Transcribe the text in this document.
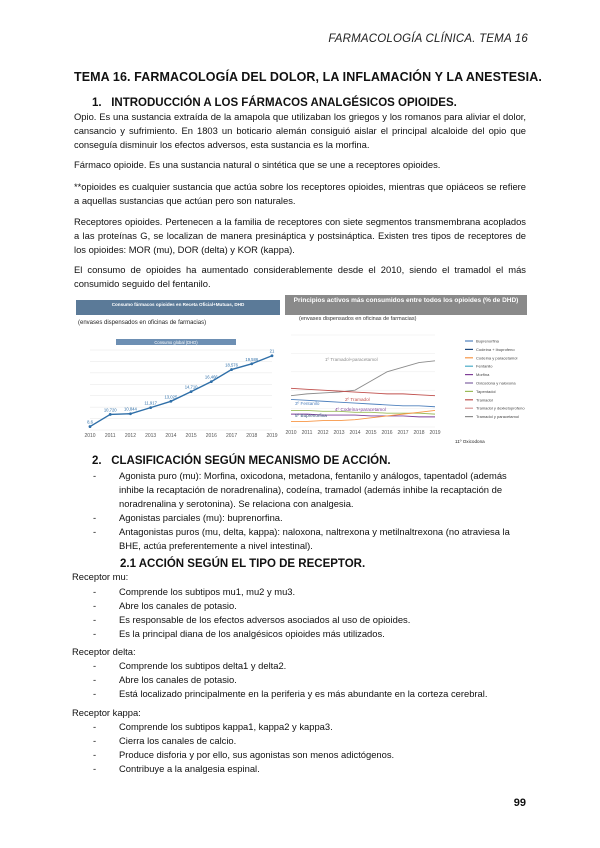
FARMACOLOGÍA CLÍNICA. TEMA 16
TEMA 16. FARMACOLOGÍA DEL DOLOR, LA INFLAMACIÓN Y LA ANESTESIA.
1. INTRODUCCIÓN A LOS FÁRMACOS ANALGÉSICOS OPIOIDES.
Opio. Es una sustancia extraída de la amapola que utilizaban los griegos y los romanos para aliviar el dolor, cansancio y sufrimiento. En 1803 un boticario alemán consiguió aislar el principal alcaloide del opio que conseguía disminuir los efectos adversos, esta sustancia es la morfina.
Fármaco opioide. Es una sustancia natural o sintética que se une a receptores opioides.
**opioides es cualquier sustancia que actúa sobre los receptores opioides, mientras que opiáceos se refiere a aquellas sustancias que actúan pero son naturales.
Receptores opioides. Pertenecen a la familia de receptores con siete segmentos transmembrana acoplados a las proteínas G, se localizan de manera presináptica y postsináptica. Existen tres tipos de receptores de los opioides: MOR (mu), DOR (delta) y KOR (kappa).
El consumo de opioides ha aumentado considerablemente desde el 2010, siendo el tramadol el más consumido seguido del fentanilo.
Consumo fármacos opioides en Receta Oficial+Mutuas, DHD
(envases dispensados en oficinas de farmacias)
Consumo global (DHD)
2010 2011 2012 2013 2014 2015 2016 2017 2018 2019
8,6
10,720 10,844
11,917
13,025
14,710
16,466
18,576
19,586
21
Principios activos más consumidos entre todos los opioides (% de DHD)
(envases dispensados en oficinas de farmacias)
2010 2011 2012 2013 2014 2015 2016 2017 2018 2019
1º Tramadol+paracetamol
2º Tramadol
3º Fentanilo
4º Codeína+paracetamol
5º Buprenorfina
11º Oxicodona
Buprenorfina
Codeína + ibuprofeno
Codeína y paracetamol
Fentanilo
Morfina
Oxicodona y naloxona
Tapentadol
Tramadol
Tramadol y dexketoprofeno
Tramadol y paracetamol
2. CLASIFICACIÓN SEGÚN MECANISMO DE ACCIÓN.
- Agonista puro (mu): Morfina, oxicodona, metadona, fentanilo y análogos, tapentadol (además inhibe la recaptación de noradrenalina), codeína, tramadol (además inhibe la recaptación de noradrenalina y serotonina). Se relaciona con analgesia.
- Agonistas parciales (mu): buprenorfina.
- Antagonistas puros (mu, delta, kappa): naloxona, naltrexona y metilnaltrexona (no atraviesa la BHE, actúa preferentemente a nivel intestinal).
2.1 ACCIÓN SEGÚN EL TIPO DE RECEPTOR.
Receptor mu:
- Comprende los subtipos mu1, mu2 y mu3.
- Abre los canales de potasio.
- Es responsable de los efectos adversos asociados al uso de opioides.
- Es la principal diana de los analgésicos opioides más utilizados.
Receptor delta:
- Comprende los subtipos delta1 y delta2.
- Abre los canales de potasio.
- Está localizado principalmente en la periferia y es más abundante en la corteza cerebral.
Receptor kappa:
- Comprende los subtipos kappa1, kappa2 y kappa3.
- Cierra los canales de calcio.
- Produce disforia y por ello, sus agonistas son menos adictógenos.
- Contribuye a la analgesia espinal.
99
